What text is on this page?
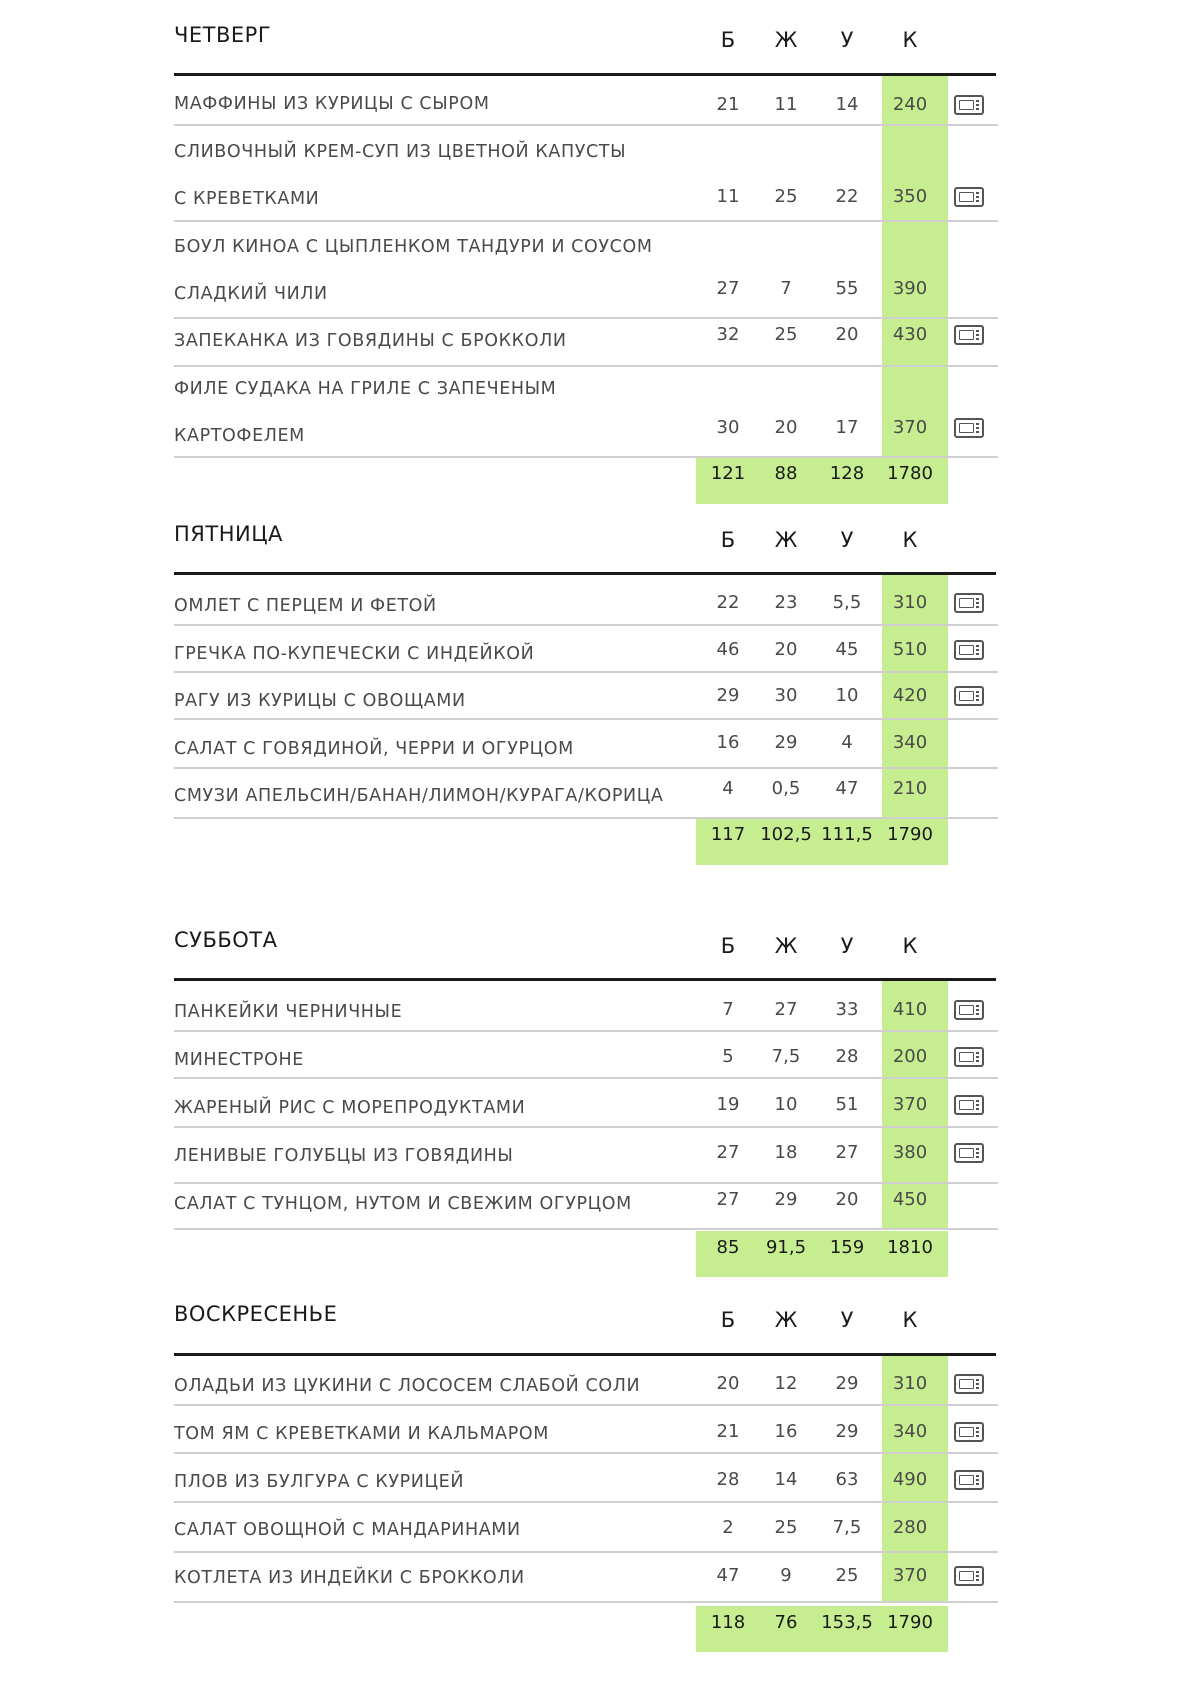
ЧЕТВЕРГ	Б	Ж	У	К
МАФФИНЫ ИЗ КУРИЦЫ С СЫРОМ	21	11	14	240
СЛИВОЧНЫЙ КРЕМ-СУП ИЗ ЦВЕТНОЙ КАПУСТЫ
С КРЕВЕТКАМИ	11	25	22	350
БОУЛ КИНОА С ЦЫПЛЕНКОМ ТАНДУРИ И СОУСОМ
СЛАДКИЙ ЧИЛИ	27	7	55	390
ЗАПЕКАНКА ИЗ ГОВЯДИНЫ С БРОККОЛИ	32	25	20	430
ФИЛЕ СУДАКА НА ГРИЛЕ С ЗАПЕЧЕНЫМ
КАРТОФЕЛЕМ	30	20	17	370
121	88	128	1780
ПЯТНИЦА	Б	Ж	У	К
ОМЛЕТ С ПЕРЦЕМ И ФЕТОЙ	22	23	5,5	310
ГРЕЧКА ПО-КУПЕЧЕСКИ С ИНДЕЙКОЙ	46	20	45	510
РАГУ ИЗ КУРИЦЫ С ОВОЩАМИ	29	30	10	420
САЛАТ С ГОВЯДИНОЙ, ЧЕРРИ И ОГУРЦОМ	16	29	4	340
СМУЗИ АПЕЛЬСИН/БАНАН/ЛИМОН/КУРАГА/КОРИЦА	4	0,5	47	210
117 102,5 111,5 1790
СУББОТА	Б	Ж	У	К
ПАНКЕЙКИ ЧЕРНИЧНЫЕ	7	27	33	410
МИНЕСТРОНЕ	5	7,5	28	200
ЖАРЕНЫЙ РИС С МОРЕПРОДУКТАМИ	19	10	51	370
ЛЕНИВЫЕ ГОЛУБЦЫ ИЗ ГОВЯДИНЫ	27	18	27	380
САЛАТ С ТУНЦОМ, НУТОМ И СВЕЖИМ ОГУРЦОМ	27	29	20	450
85	91,5	159	1810
ВОСКРЕСЕНЬЕ	Б	Ж	У	К
ОЛАДЬИ ИЗ ЦУКИНИ С ЛОСОСЕМ СЛАБОЙ СОЛИ	20	12	29	310
ТОМ ЯМ С КРЕВЕТКАМИ И КАЛЬМАРОМ	21	16	29	340
ПЛОВ ИЗ БУЛГУРА С КУРИЦЕЙ	28	14	63	490
САЛАТ ОВОЩНОЙ С МАНДАРИНАМИ	2	25	7,5	280
КОТЛЕТА ИЗ ИНДЕЙКИ С БРОККОЛИ	47	9	25	370
118	76	153,5 1790
